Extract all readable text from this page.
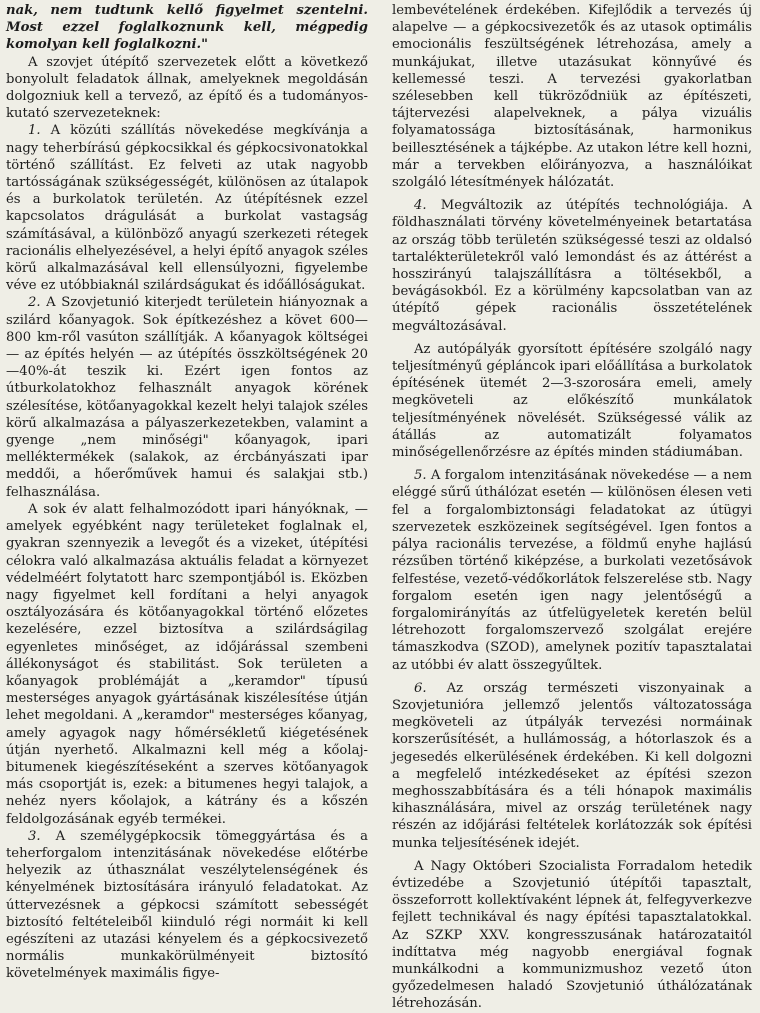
nak, nem tudtunk kellő figyelmet szentelni. Most ezzel foglalkoznunk kell, mégpedig komolyan kell foglalkozni."

A szovjet útépítő szervezetek előtt a következő bonyolult feladatok állnak, amelyeknek megoldásán dolgozniuk kell a tervező, az építő és a tudományos-kutató szervezeteknek:

1. A közúti szállítás növekedése megkívánja a nagy teherbírású gépkocsikkal és gépkocsivonatokkal történő szállítást. Ez felveti az utak nagyobb tartósságának szükségességét, különösen az útalapok és a burkolatok területén. Az útépítésnek ezzel kapcsolatos drágulását a burkolat vastagság számításával, a különböző anyagú szerkezeti rétegek racionális elhelyezésével, a helyi építő anyagok széles körű alkalmazásával kell ellensúlyozni, figyelembe véve ez utóbbiaknál szilárdságukat és időállóságukat.

2. A Szovjetunió kiterjedt területein hiányoznak a szilárd kőanyagok. Sok építkezéshez a követ 600—800 km-ről vasúton szállítják. A kőanyagok költségei — az építés helyén — az útépítés összköltségének 20—40%-át teszik ki. Ezért igen fontos az útburkolatokhoz felhasznált anyagok körének szélesítése, kötőanyagokkal kezelt helyi talajok széles körű alkalmazása a pályaszerkezetekben, valamint a gyenge „nem minőségi" kőanyagok, ipari melléktermékek (salakok, az ércbányászati ipar meddői, a hőerőművek hamui és salakjai stb.) felhasználása.

A sok év alatt felhalmozódott ipari hányóknak, — amelyek egyébként nagy területeket foglalnak el, gyakran szennyezik a levegőt és a vizeket, útépítési célokra való alkalmazása aktuális feladat a környezet védelméért folytatott harc szempontjából is. Eközben nagy figyelmet kell fordítani a helyi anyagok osztályozására és kötőanyagokkal történő előzetes kezelésére, ezzel biztosítva a szilárdságilag egyenletes minőséget, az időjárással szembeni állékonyságot és stabilitást. Sok területen a kőanyagok problémáját a „keramdor" típusú mesterséges anyagok gyártásának kiszélesítése útján lehet megoldani. A „keramdor" mesterséges kőanyag, amely agyagok nagy hőmérsékletű kiégetésének útján nyerhető. Alkalmazni kell még a kőolaj-bitumenek kiegészítéseként a szerves kötőanyagok más csoportját is, ezek: a bitumenes hegyi talajok, a nehéz nyers kőolajok, a kátrány és a kőszén feldolgozásának egyéb termékei.

3. A személygépkocsik tömeggyártása és a teherforgalom intenzitásának növekedése előtérbe helyezik az úthasználat veszélytelenségének és kényelmének biztosítására irányuló feladatokat. Az úttervezésnek a gépkocsi számított sebességét biztosító feltételeiből kiinduló régi normáit ki kell egészíteni az utazási kényelem és a gépkocsivezető normális munkakörülményeit biztosító követelmények maximális figye-

lembevételének érdekében. Kifejlődik a tervezés új alapelve — a gépkocsivezetők és az utasok optimális emocionális feszültségének létrehozása, amely a munkájukat, illetve utazásukat könnyűvé és kellemessé teszi. A tervezési gyakorlatban szélesebben kell tükröződniük az építészeti, tájtervezési alapelveknek, a pálya vizuális folyamatossága biztosításának, harmonikus beillesztésének a tájképbe. Az utakon létre kell hozni, már a tervekben előirányozva, a használóikat szolgáló létesítmények hálózatát.

4. Megváltozik az útépítés technológiája. A földhasználati törvény követelményeinek betartatása az ország több területén szükségessé teszi az oldalsó tartalékterületekről való lemondást és az áttérést a hosszirányú talajszállításra a töltésekből, a bevágásokból. Ez a körülmény kapcsolatban van az útépítő gépek racionális összetételének megváltozásával.

Az autópályák gyorsított építésére szolgáló nagy teljesítményű gépláncok ipari előállítása a burkolatok építésének ütemét 2—3-szorosára emeli, amely megköveteli az előkészítő munkálatok teljesítményének növelését. Szükségessé válik az átállás az automatizált folyamatos minőségellenőrzésre az építés minden stádiumában.

5. A forgalom intenzitásának növekedése — a nem eléggé sűrű úthálózat esetén — különösen élesen veti fel a forgalombiztonsági feladatokat az útügyi szervezetek eszközeinek segítségével. Igen fontos a pálya racionális tervezése, a földmű enyhe hajlású rézsűben történő kiképzése, a burkolati vezetősávok felfestése, vezető-védőkorlátok felszerelése stb. Nagy forgalom esetén igen nagy jelentőségű a forgalomirányítás az útfelügyeletek keretén belül létrehozott forgalomszervező szolgálat erejére támaszkodva (SZOD), amelynek pozitív tapasztalatai az utóbbi év alatt összegyűltek.

6. Az ország természeti viszonyainak a Szovjetunióra jellemző jelentős változatossága megköveteli az útpályák tervezési normáinak korszerűsítését, a hullámosság, a hótorlaszok és a jegesedés elkerülésének érdekében. Ki kell dolgozni a megfelelő intézkedéseket az építési szezon meghosszabbítására és a téli hónapok maximális kihasználására, mivel az ország területének nagy részén az időjárási feltételek korlátozzák sok építési munka teljesítésének idejét.

A Nagy Októberi Szocialista Forradalom hetedik évtizedébe a Szovjetunió útépítői tapasztalt, összeforrott kollektívaként lépnek át, felfegyverkezve fejlett technikával és nagy építési tapasztalatokkal. Az SZKP XXV. kongresszusának határozataitól indíttatva még nagyobb energiával fognak munkálkodni a kommunizmushoz vezető úton győzedelmesen haladó Szovjetunió úthálózatának létrehozásán.
